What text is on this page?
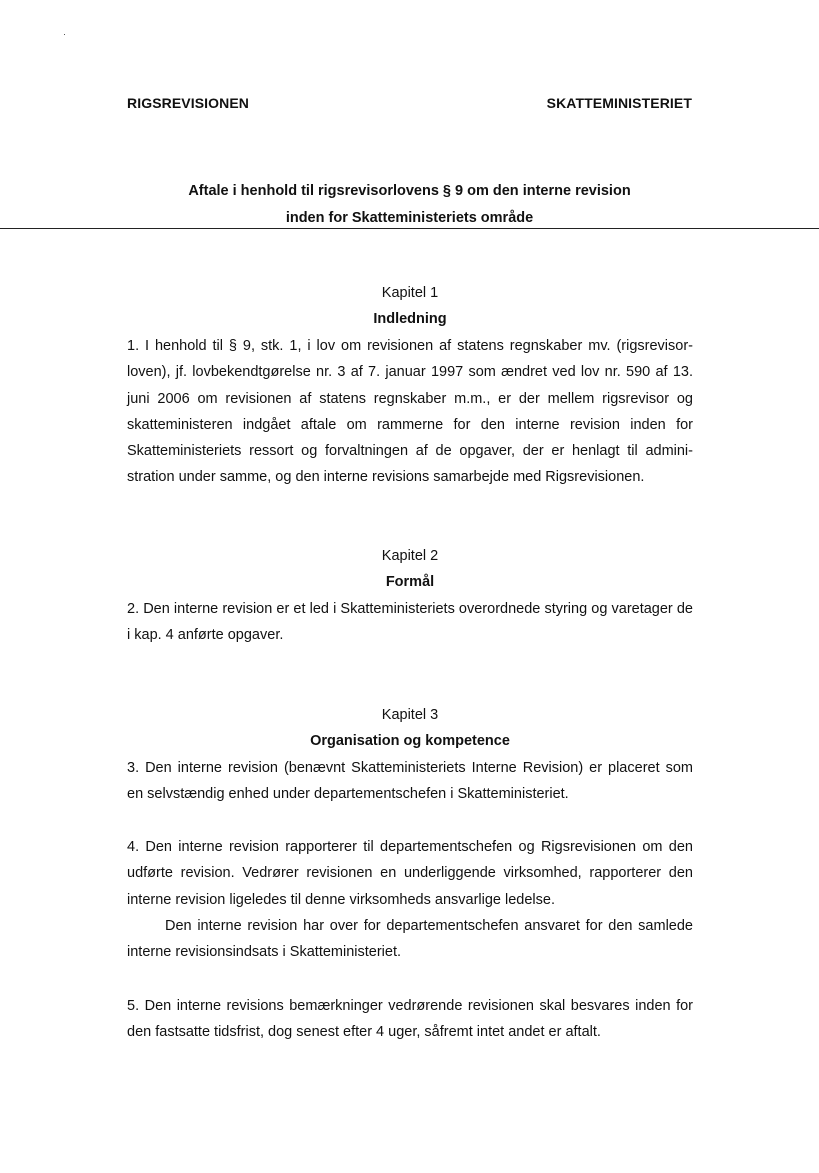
RIGSREVISIONEN	SKATTEMINISTERIET
Aftale i henhold til rigsrevisorlovens § 9 om den interne revision
inden for Skatteministeriets område
Kapitel 1
Indledning
1. I henhold til § 9, stk. 1, i lov om revisionen af statens regnskaber mv. (rigsrevisorloven), jf. lovbekendtgørelse nr. 3 af 7. januar 1997 som ændret ved lov nr. 590 af 13. juni 2006 om revisionen af statens regnskaber m.m., er der mellem rigsrevisor og skatteministeren indgået aftale om rammerne for den interne revision inden for Skatteministeriets ressort og forvaltningen af de opgaver, der er henlagt til administration under samme, og den interne revisions samarbejde med Rigsrevisionen.
Kapitel 2
Formål
2. Den interne revision er et led i Skatteministeriets overordnede styring og varetager de i kap. 4 anførte opgaver.
Kapitel 3
Organisation og kompetence
3. Den interne revision (benævnt Skatteministeriets Interne Revision) er placeret som en selvstændig enhed under departementschefen i Skatteministeriet.
4. Den interne revision rapporterer til departementschefen og Rigsrevisionen om den udførte revision. Vedrører revisionen en underliggende virksomhed, rapporterer den interne revision ligeledes til denne virksomheds ansvarlige ledelse.
Den interne revision har over for departementschefen ansvaret for den samlede interne revisionsindsats i Skatteministeriet.
5. Den interne revisions bemærkninger vedrørende revisionen skal besvares inden for den fastsatte tidsfrist, dog senest efter 4 uger, såfremt intet andet er aftalt.
